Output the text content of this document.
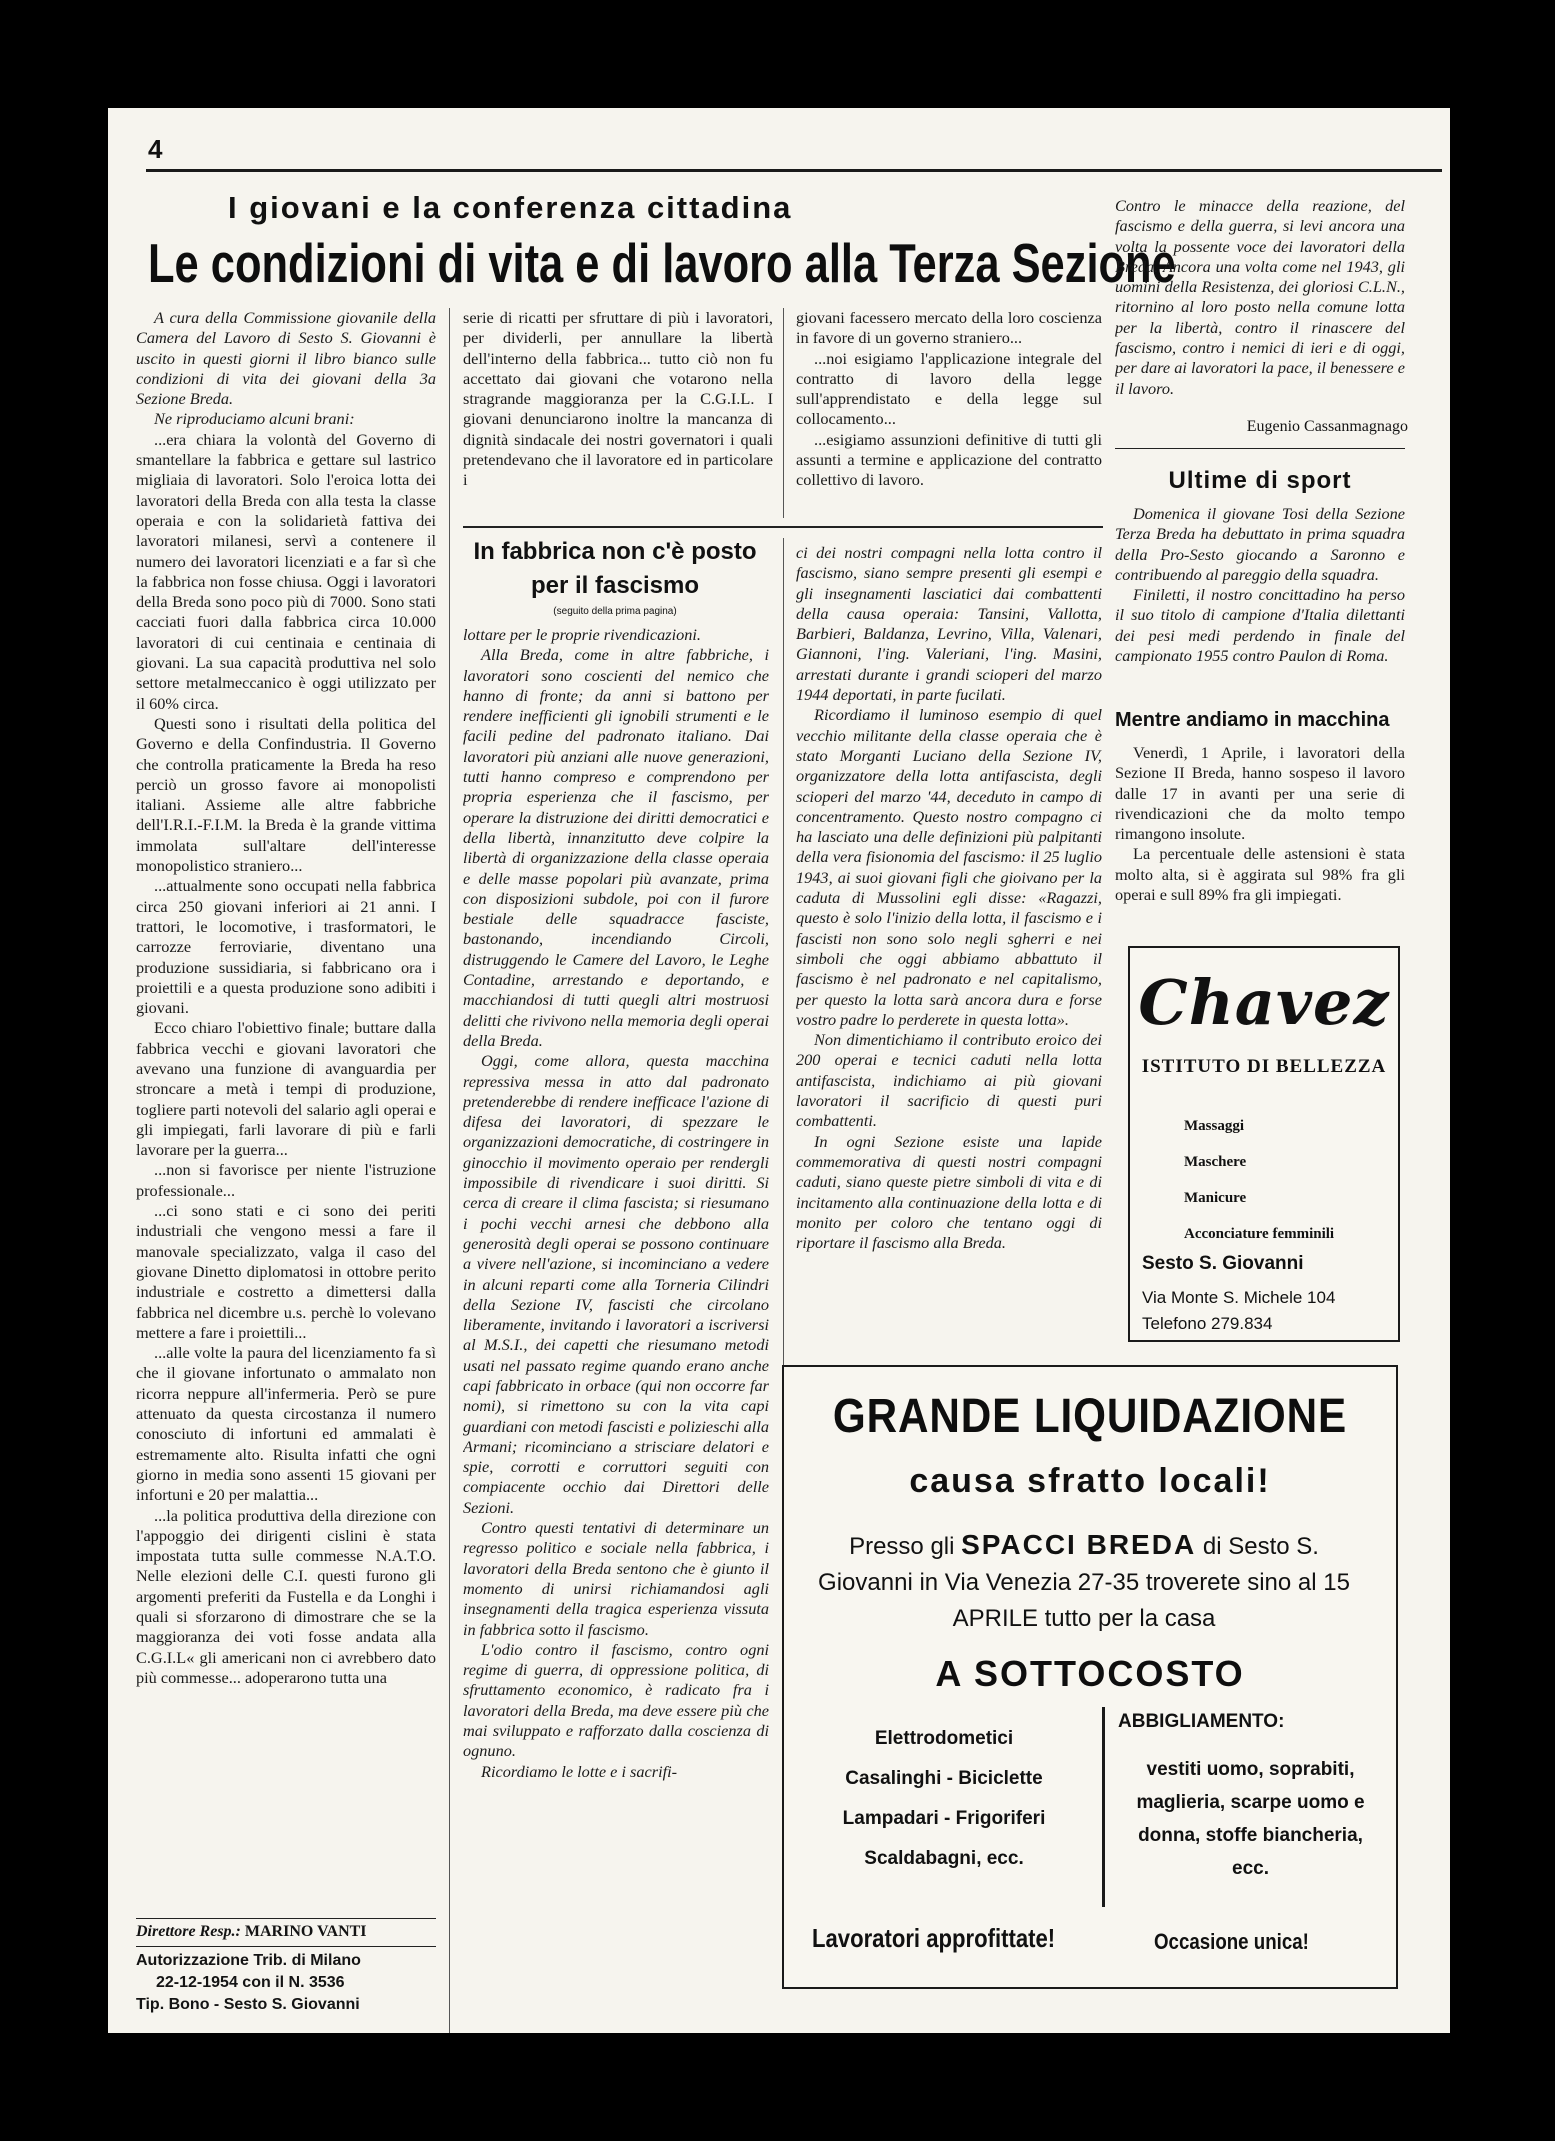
4
I giovani e la conferenza cittadina
Le condizioni di vita e di lavoro alla Terza Sezione

A cura della Commissione giovanile della Camera del Lavoro di Sesto S. Giovanni è uscito in questi giorni il libro bianco sulle condizioni di vita dei giovani della 3a Sezione Breda.

Ne riproduciamo alcuni brani:

...era chiara la volontà del Governo di smantellare la fabbrica e gettare sul lastrico migliaia di lavoratori. Solo l'eroica lotta dei lavoratori della Breda con alla testa la classe operaia e con la solidarietà fattiva dei lavoratori milanesi, servì a contenere il numero dei lavoratori licenziati e a far sì che la fabbrica non fosse chiusa. Oggi i lavoratori della Breda sono poco più di 7000. Sono stati cacciati fuori dalla fabbrica circa 10.000 lavoratori di cui centinaia e centinaia di giovani. La sua capacità produttiva nel solo settore metalmeccanico è oggi utilizzato per il 60% circa.

Questi sono i risultati della politica del Governo e della Confindustria. Il Governo che controlla praticamente la Breda ha reso perciò un grosso favore ai monopolisti italiani. Assieme alle altre fabbriche dell'I.R.I.-F.I.M. la Breda è la grande vittima immolata sull'altare dell'interesse monopolistico straniero...

...attualmente sono occupati nella fabbrica circa 250 giovani inferiori ai 21 anni. I trattori, le locomotive, i trasformatori, le carrozze ferroviarie, diventano una produzione sussidiaria, si fabbricano ora i proiettili e a questa produzione sono adibiti i giovani.

Ecco chiaro l'obiettivo finale; buttare dalla fabbrica vecchi e giovani lavoratori che avevano una funzione di avanguardia per stroncare a metà i tempi di produzione, togliere parti notevoli del salario agli operai e gli impiegati, farli lavorare di più e farli lavorare per la guerra...

...non si favorisce per niente l'istruzione professionale...

...ci sono stati e ci sono dei periti industriali che vengono messi a fare il manovale specializzato, valga il caso del giovane Dinetto diplomatosi in ottobre perito industriale e costretto a dimettersi dalla fabbrica nel dicembre u.s. perchè lo volevano mettere a fare i proiettili...

...alle volte la paura del licenziamento fa sì che il giovane infortunato o ammalato non ricorra neppure all'infermeria. Però se pure attenuato da questa circostanza il numero conosciuto di infortuni ed ammalati è estremamente alto. Risulta infatti che ogni giorno in media sono assenti 15 giovani per infortuni e 20 per malattia...

...la politica produttiva della direzione con l'appoggio dei dirigenti cislini è stata impostata tutta sulle commesse N.A.T.O. Nelle elezioni delle C.I. questi furono gli argomenti preferiti da Fustella e da Longhi i quali si sforzarono di dimostrare che se la maggioranza dei voti fosse andata alla C.G.I.L« gli americani non ci avrebbero dato più commesse... adoperarono tutta una

serie di ricatti per sfruttare di più i lavoratori, per dividerli, per annullare la libertà dell'interno della fabbrica... tutto ciò non fu accettato dai giovani che votarono nella stragrande maggioranza per la C.G.I.L. I giovani denunciarono inoltre la mancanza di dignità sindacale dei nostri governatori i quali pretendevano che il lavoratore ed in particolare i

giovani facessero mercato della loro coscienza in favore di un governo straniero...

...noi esigiamo l'applicazione integrale del contratto di lavoro della legge sull'apprendistato e della legge sul collocamento...

...esigiamo assunzioni definitive di tutti gli assunti a termine e applicazione del contratto collettivo di lavoro.

In fabbrica non c'è posto
per il fascismo
(seguito della prima pagina)

lottare per le proprie rivendicazioni.

Alla Breda, come in altre fabbriche, i lavoratori sono coscienti del nemico che hanno di fronte; da anni si battono per rendere inefficienti gli ignobili strumenti e le facili pedine del padronato italiano. Dai lavoratori più anziani alle nuove generazioni, tutti hanno compreso e comprendono per propria esperienza che il fascismo, per operare la distruzione dei diritti democratici e della libertà, innanzitutto deve colpire la libertà di organizzazione della classe operaia e delle masse popolari più avanzate, prima con disposizioni subdole, poi con il furore bestiale delle squadracce fasciste, bastonando, incendiando Circoli, distruggendo le Camere del Lavoro, le Leghe Contadine, arrestando e deportando, e macchiandosi di tutti quegli altri mostruosi delitti che rivivono nella memoria degli operai della Breda.

Oggi, come allora, questa macchina repressiva messa in atto dal padronato pretenderebbe di rendere inefficace l'azione di difesa dei lavoratori, di spezzare le organizzazioni democratiche, di costringere in ginocchio il movimento operaio per rendergli impossibile di rivendicare i suoi diritti. Si cerca di creare il clima fascista; si riesumano i pochi vecchi arnesi che debbono alla generosità degli operai se possono continuare a vivere nell'azione, si incominciano a vedere in alcuni reparti come alla Torneria Cilindri della Sezione IV, fascisti che circolano liberamente, invitando i lavoratori a iscriversi al M.S.I., dei capetti che riesumano metodi usati nel passato regime quando erano anche capi fabbricato in orbace (qui non occorre far nomi), si rimettono su con la vita capi guardiani con metodi fascisti e polizieschi alla Armani; ricominciano a strisciare delatori e spie, corrotti e corruttori seguiti con compiacente occhio dai Direttori delle Sezioni.

Contro questi tentativi di determinare un regresso politico e sociale nella fabbrica, i lavoratori della Breda sentono che è giunto il momento di unirsi richiamandosi agli insegnamenti della tragica esperienza vissuta in fabbrica sotto il fascismo.

L'odio contro il fascismo, contro ogni regime di guerra, di oppressione politica, di sfruttamento economico, è radicato fra i lavoratori della Breda, ma deve essere più che mai sviluppato e rafforzato dalla coscienza di ognuno.

Ricordiamo le lotte e i sacrifi-

ci dei nostri compagni nella lotta contro il fascismo, siano sempre presenti gli esempi e gli insegnamenti lasciatici dai combattenti della causa operaia: Tansini, Vallotta, Barbieri, Baldanza, Levrino, Villa, Valenari, Giannoni, l'ing. Valeriani, l'ing. Masini, arrestati durante i grandi scioperi del marzo 1944 deportati, in parte fucilati.

Ricordiamo il luminoso esempio di quel vecchio militante della classe operaia che è stato Morganti Luciano della Sezione IV, organizzatore della lotta antifascista, degli scioperi del marzo '44, deceduto in campo di concentramento. Questo nostro compagno ci ha lasciato una delle definizioni più palpitanti della vera fisionomia del fascismo: il 25 luglio 1943, ai suoi giovani figli che gioivano per la caduta di Mussolini egli disse: «Ragazzi, questo è solo l'inizio della lotta, il fascismo e i fascisti non sono solo negli sgherri e nei simboli che oggi abbiamo abbattuto il fascismo è nel padronato e nel capitalismo, per questo la lotta sarà ancora dura e forse vostro padre lo perderete in questa lotta».

Non dimentichiamo il contributo eroico dei 200 operai e tecnici caduti nella lotta antifascista, indichiamo ai più giovani lavoratori il sacrificio di questi puri combattenti.

In ogni Sezione esiste una lapide commemorativa di questi nostri compagni caduti, siano queste pietre simboli di vita e di incitamento alla continuazione della lotta e di monito per coloro che tentano oggi di riportare il fascismo alla Breda.

Contro le minacce della reazione, del fascismo e della guerra, si levi ancora una volta la possente voce dei lavoratori della Breda. Ancora una volta come nel 1943, gli uomini della Resistenza, dei gloriosi C.L.N., ritornino al loro posto nella comune lotta per la libertà, contro il rinascere del fascismo, contro i nemici di ieri e di oggi, per dare ai lavoratori la pace, il benessere e il lavoro.

Eugenio Cassanmagnago
Ultime di sport

Domenica il giovane Tosi della Sezione Terza Breda ha debuttato in prima squadra della Pro-Sesto giocando a Saronno e contribuendo al pareggio della squadra.

Finiletti, il nostro concittadino ha perso il suo titolo di campione d'Italia dilettanti dei pesi medi perdendo in finale del campionato 1955 contro Paulon di Roma.

Mentre andiamo in macchina

Venerdì, 1 Aprile, i lavoratori della Sezione II Breda, hanno sospeso il lavoro dalle 17 in avanti per una serie di rivendicazioni che da molto tempo rimangono insolute.

La percentuale delle astensioni è stata molto alta, si è aggirata sul 98% fra gli operai e sull 89% fra gli impiegati.

Chavez
ISTITUTO DI BELLEZZA
Massaggi
Maschere
Manicure
Acconciature femminili
Sesto S. Giovanni
Via Monte S. Michele 104
Telefono 279.834
GRANDE LIQUIDAZIONE
causa sfratto locali!
Presso gli SPACCI BREDA di Sesto S. Giovanni in Via Venezia 27-35 troverete sino al 15 APRILE tutto per la casa
A SOTTOCOSTO
Elettrodometici
Casalinghi - Biciclette
Lampadari - Frigoriferi
Scaldabagni, ecc.
ABBIGLIAMENTO:
vestiti uomo, soprabiti, maglieria, scarpe uomo e donna, stoffe biancheria, ecc.
Lavoratori approfittate!	Occasione unica!
Direttore Resp.: MARINO VANTI
Autorizzazione Trib. di Milano
22-12-1954 con il N. 3536
Tip. Bono - Sesto S. Giovanni
